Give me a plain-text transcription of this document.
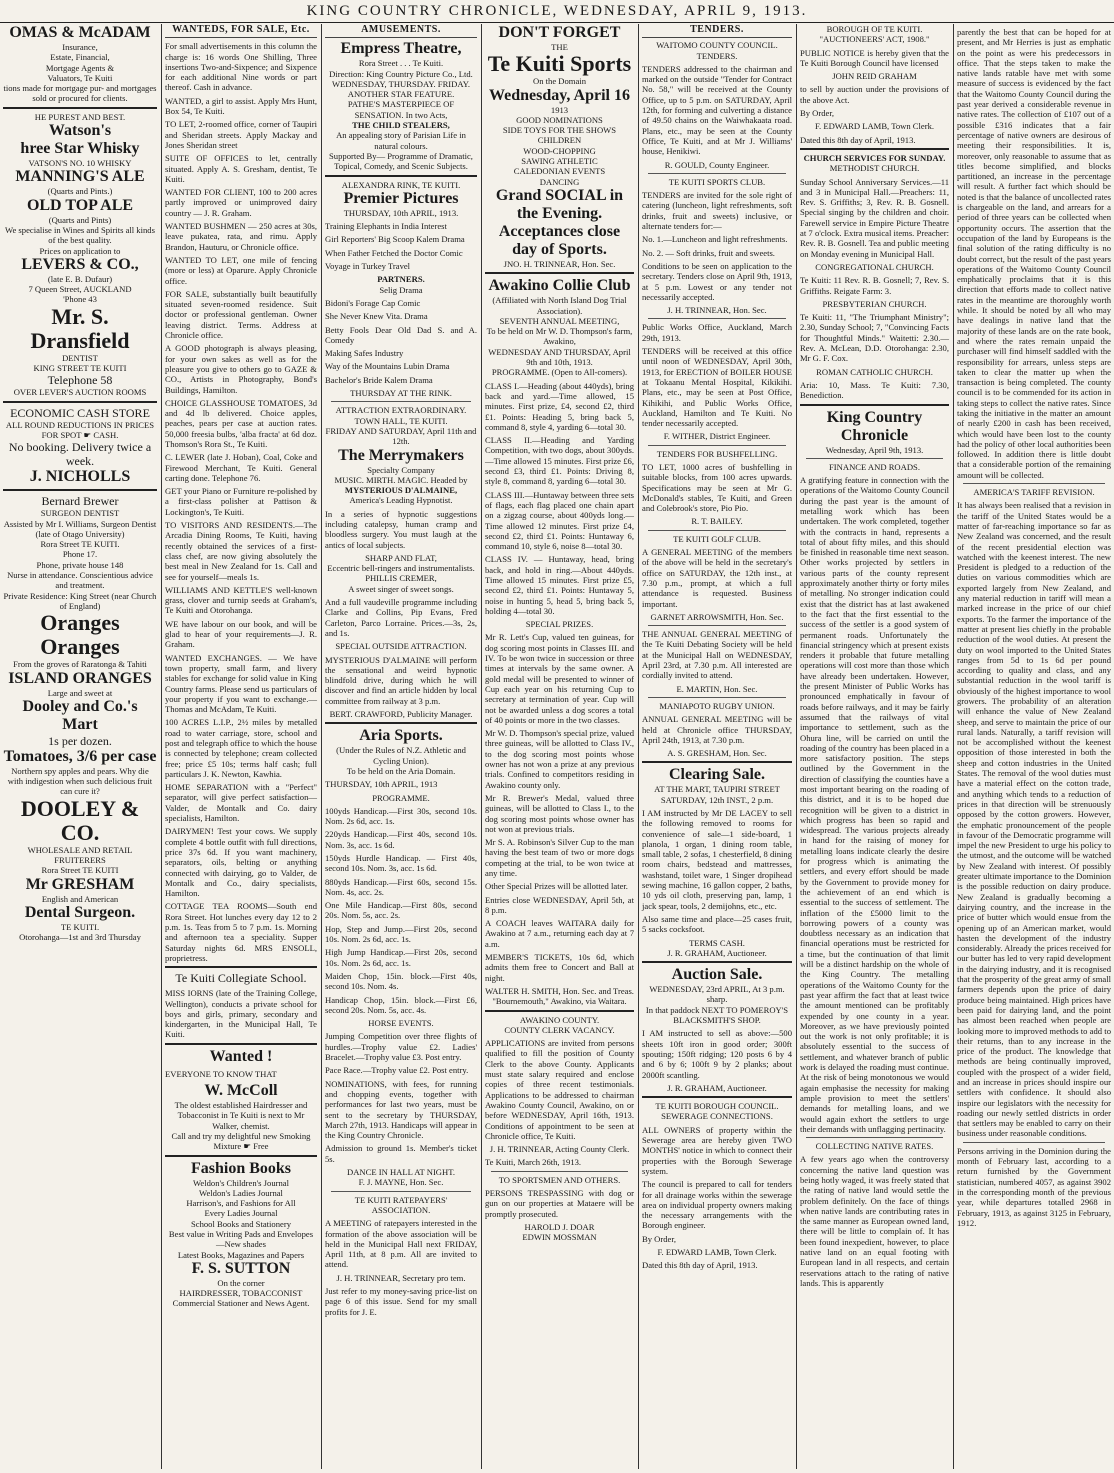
KING COUNTRY CHRONICLE, WEDNESDAY, APRIL 9, 1913.
OMAS & McADAM
Insurance,
Estate, Financial,
Mortgage Agents &
Valuators, Te Kuiti
tions made for mortgage pur- and mortgages sold or procured for clients.
HE PUREST AND BEST.
Watson's
hree Star Whisky
VATSON'S NO. 10 WHISKY
MANNING'S ALE
(Quarts and Pints.)
OLD TOP ALE
(Quarts and Pints)
We specialise in Wines and Spirits all kinds of the best quality.
Prices on application to
LEVERS & CO.,
(late E. B. Dufaur)
7 Queen Street, AUCKLAND
'Phone 43
Mr. S. Dransfield
DENTIST
KING STREET TE KUITI
Telephone 58
OVER LEVER'S AUCTION ROOMS
ECONOMIC CASH STORE
ALL ROUND REDUCTIONS IN PRICES FOR SPOT ☛ CASH.
No booking. Delivery twice a week.
J. NICHOLLS
Bernard Brewer
SURGEON DENTIST
Assisted by Mr I. Williams, Surgeon Dentist (late of Otago University)
Rora Street TE KUITI.
Phone 17.
Phone, private house 148
Nurse in attendance. Conscientious advice and treatment.
Private Residence: King Street (near Church of England)
Oranges Oranges
From the groves of Raratonga & Tahiti
ISLAND ORANGES
Large and sweet at
Dooley and Co.'s Mart
1s per dozen.
Tomatoes, 3/6 per case
Northern spy apples and pears. Why die with indigestion when such delicious fruit can cure it?
DOOLEY & CO.
WHOLESALE AND RETAIL FRUITERERS
Rora Street TE KUITI
Mr GRESHAM
English and American
Dental Surgeon.
TE KUITI.
Otorohanga—1st and 3rd Thursday
WANTEDS, FOR SALE, Etc.
For small advertisements in this column the charge is: 16 words One Shilling, Three insertions Two-and-Sixpence; and Sixpence for each additional Nine words or part thereof. Cash in advance.
WANTED, a girl to assist. Apply Mrs Hunt, Box 54, Te Kuiti.
TO LET, 2-roomed office, corner of Taupiri and Sheridan streets. Apply Mackay and Jones Sheridan street
SUITE OF OFFICES to let, centrally situated. Apply A. S. Gresham, dentist, Te Kuiti.
WANTED FOR CLIENT, 100 to 200 acres partly improved or unimproved dairy country — J. R. Graham.
WANTED BUSHMEN — 250 acres at 30s, leave pukatea, rata, and rimu. Apply Brandon, Hauturu, or Chronicle office.
WANTED TO LET, one mile of fencing (more or less) at Oparure. Apply Chronicle office.
FOR SALE, substantially built beautifully situated seven-roomed residence. Suit doctor or professional gentleman. Owner leaving district. Terms. Address at Chronicle office.
A GOOD photograph is always pleasing, for your own sakes as well as for the pleasure you give to others go to GAZE & CO., Artists in Photography, Bond's Buildings, Hamilton.
CHOICE GLASSHOUSE TOMATOES, 3d and 4d lb delivered. Choice apples, peaches, pears per case at auction rates. 50,000 freesia bulbs, 'alba fracta' at 6d doz. Thomson's Rora St., Te Kuiti.
C. LEWER (late J. Hoban), Coal, Coke and Firewood Merchant, Te Kuiti. General carting done. Telephone 76.
GET your Piano or Furniture re-polished by a first-class polisher at Pattison & Lockington's, Te Kuiti.
TO VISITORS AND RESIDENTS.—The Arcadia Dining Rooms, Te Kuiti, having recently obtained the services of a first-class chef, are now giving absolutely the best meal in New Zealand for 1s. Call and see for yourself—meals 1s.
WILLIAMS AND KETTLE'S well-known grass, clover and turnip seeds at Graham's, Te Kuiti and Otorohanga.
WE have labour on our book, and will be glad to hear of your requirements—J. R. Graham.
WANTED EXCHANGES. — We have town property, small farm, and livery stables for exchange for solid value in King Country farms. Please send us particulars of your property if you want to exchange.—Thomas and McAdam, Te Kuiti.
100 ACRES L.I.P., 2½ miles by metalled road to water carriage, store, school and post and telegraph office to which the house is connected by telephone; cream collected free; price £5 10s; terms half cash; full particulars J. K. Newton, Kawhia.
HOME SEPARATION with a "Perfect" separator, will give perfect satisfaction—Valder, de Montalk and Co. dairy specialists, Hamilton.
DAIRYMEN! Test your cows. We supply complete 4 bottle outfit with full directions, price 37s 6d. If you want machinery, separators, oils, belting or anything connected with dairying, go to Valder, de Montalk and Co., dairy specialists, Hamilton.
COTTAGE TEA ROOMS—South end Rora Street. Hot lunches every day 12 to 2 p.m. 1s. Teas from 5 to 7 p.m. 1s. Morning and afternoon tea a speciality. Supper Saturday nights 6d. MRS ENSOLL, proprietress.
Te Kuiti Collegiate School.
MISS IORNS (late of the Training College, Wellington), conducts a private school for boys and girls, primary, secondary and kindergarten, in the Municipal Hall, Te Kuiti.
Wanted !
EVERYONE TO KNOW THAT
W. McColl
The oldest established Hairdresser and Tobacconist in Te Kuiti is next to Mr Walker, chemist.
Call and try my delightful new Smoking Mixture ☛ Free
Fashion Books
Weldon's Children's Journal
Weldon's Ladies Journal
Harrison's, and Fashions for All
Every Ladies Journal
School Books and Stationery
Best value in Writing Pads and Envelopes—New shades
Latest Books, Magazines and Papers
F. S. SUTTON
On the corner
HAIRDRESSER, TOBACCONIST
Commercial Stationer and News Agent.
AMUSEMENTS.
Empress Theatre,
Rora Street . . . Te Kuiti.
Direction: King Country Picture Co., Ltd.
WEDNESDAY, THURSDAY. FRIDAY.
ANOTHER STAR FEATURE.
PATHE'S MASTERPIECE OF SENSATION. In two Acts,
THE CHILD STEALERS,
An appealing story of Parisian Life in natural colours.
Supported By— Programme of Dramatic, Topical, Comedy, and Scenic Subjects.
ALEXANDRA RINK, TE KUITI.
Premier Pictures
THURSDAY, 10th APRIL, 1913.
Training Elephants in India Interest
Girl Reporters' Big Scoop Kalem Drama
When Father Fetched the Doctor Comic
Voyage in Turkey Travel
PARTNERS.
Selig Drama
Bidoni's Forage Cap Comic
She Never Knew Vita. Drama
Betty Fools Dear Old Dad S. and A. Comedy
Making Safes Industry
Way of the Mountains Lubin Drama
Bachelor's Bride Kalem Drama
THURSDAY AT THE RINK.
ATTRACTION EXTRAORDINARY.
TOWN HALL, TE KUITI.
FRIDAY AND SATURDAY, April 11th and 12th.
The Merrymakers
Specialty Company
MUSIC. MIRTH. MAGIC. Headed by
MYSTERIOUS D'ALMAINE,
America's Leading Hypnotist.
In a series of hypnotic suggestions including catalepsy, human cramp and bloodless surgery. You must laugh at the antics of local subjects.
SHARP AND FLAT,
Eccentric bell-ringers and instrumentalists.
PHILLIS CREMER,
A sweet singer of sweet songs.
And a full vaudeville programme including Clarke and Collins, Pip Evans, Fred Carleton, Parco Lorraine. Prices.—3s, 2s, and 1s.
SPECIAL OUTSIDE ATTRACTION.
MYSTERIOUS D'ALMAINE will perform the sensational and weird hypnotic blindfold drive, during which he will discover and find an article hidden by local committee from railway at 3 p.m.
BERT. CRAWFORD, Publicity Manager.
Aria Sports.
(Under the Rules of N.Z. Athletic and Cycling Union).
To be held on the Aria Domain.
THURSDAY, 10th APRIL, 1913
PROGRAMME.
100yds Handicap.—First 30s, second 10s. Nom. 2s 6d, acc. 1s.
220yds Handicap.—First 40s, second 10s. Nom. 3s, acc. 1s 6d.
150yds Hurdle Handicap. — First 40s, second 10s. Nom. 3s, acc. 1s 6d.
880yds Handicap.—First 60s, second 15s. Nom. 4s, acc. 2s.
One Mile Handicap.—First 80s, second 20s. Nom. 5s, acc. 2s.
Hop, Step and Jump.—First 20s, second 10s. Nom. 2s 6d, acc. 1s.
High Jump Handicap.—First 20s, second 10s. Nom. 2s 6d, acc. 1s.
Maiden Chop, 15in. block.—First 40s, second 10s. Nom. 4s.
Handicap Chop, 15in. block.—First £6, second 20s. Nom. 5s, acc. 4s.
HORSE EVENTS.
Jumping Competition over three flights of hurdles.—Trophy value £2. Ladies' Bracelet.—Trophy value £3. Post entry.
Pace Race.—Trophy value £2. Post entry.
NOMINATIONS, with fees, for running and chopping events, together with performances for last two years, must be sent to the secretary by THURSDAY, March 27th, 1913. Handicaps will appear in the King Country Chronicle.
Admission to ground 1s. Member's ticket 5s.
DANCE IN HALL AT NIGHT.
F. J. MAYNE, Hon. Sec.
TE KUITI RATEPAYERS' ASSOCIATION.
A MEETING of ratepayers interested in the formation of the above association will be held in the Municipal Hall next FRIDAY, April 11th, at 8 p.m. All are invited to attend.
J. H. TRINNEAR, Secretary pro tem.
Just refer to my money-saving price-list on page 6 of this issue. Send for my small profits for J. E.
DON'T FORGET
THE
Te Kuiti Sports
On the Domain
Wednesday, April 16
1913
GOOD NOMINATIONS
SIDE TOYS FOR THE SHOWS CHILDREN
WOOD-CHOPPING
SAWING ATHLETIC
CALEDONIAN EVENTS
DANCING
Grand SOCIAL in the Evening.
Acceptances close day of Sports.
JNO. H. TRINNEAR, Hon. Sec.
Awakino Collie Club
(Affiliated with North Island Dog Trial Association).
SEVENTH ANNUAL MEETING,
To be held on Mr W. D. Thompson's farm, Awakino,
WEDNESDAY AND THURSDAY, April 9th and 10th, 1913.
PROGRAMME. (Open to All-comers).
CLASS I.—Heading (about 440yds), bring back and yard.—Time allowed, 15 minutes. First prize, £4, second £2, third £1. Points: Heading 5, bring back 5, command 8, style 4, yarding 6—total 30.
CLASS II.—Heading and Yarding Competition, with two dogs, about 300yds.—Time allowed 15 minutes. First prize £6, second £3, third £1. Points: Driving 8, style 8, command 8, yarding 6—total 30.
CLASS III.—Huntaway between three sets of flags, each flag placed one chain apart on a zigzag course, about 400yds long.—Time allowed 12 minutes. First prize £4, second £2, third £1. Points: Huntaway 6, command 10, style 6, noise 8—total 30.
CLASS IV. — Huntaway, head, bring back, and hold in ring.—About 440yds. Time allowed 15 minutes. First prize £5, second £2, third £1. Points: Huntaway 5, noise in hunting 5, head 5, bring back 5, holding 4—total 30.
SPECIAL PRIZES.
Mr R. Lett's Cup, valued ten guineas, for dog scoring most points in Classes III. and IV. To be won twice in succession or three times at intervals by the same owner. A gold medal will be presented to winner of Cup each year on his returning Cup to secretary at termination of year. Cup will not be awarded unless a dog scores a total of 40 points or more in the two classes.
Mr W. D. Thompson's special prize, valued three guineas, will be allotted to Class IV., to the dog scoring most points whose owner has not won a prize at any previous trials. Confined to competitors residing in Awakino county only.
Mr R. Brewer's Medal, valued three guineas, will be allotted to Class I., to the dog scoring most points whose owner has not won at previous trials.
Mr S. A. Robinson's Silver Cup to the man having the best team of two or more dogs competing at the trial, to be won twice at any time.
Other Special Prizes will be allotted later.
Entries close WEDNESDAY, April 5th, at 8 p.m.
A COACH leaves WAITARA daily for Awakino at 7 a.m., returning each day at 7 a.m.
MEMBER'S TICKETS, 10s 6d, which admits them free to Concert and Ball at night.
WALTER H. SMITH, Hon. Sec. and Treas. "Bournemouth," Awakino, via Waitara.
AWAKINO COUNTY.
COUNTY CLERK VACANCY.
APPLICATIONS are invited from persons qualified to fill the position of County Clerk to the above County. Applicants must state salary required and enclose copies of three recent testimonials. Applications to be addressed to chairman Awakino County Council, Awakino, on or before WEDNESDAY, April 16th, 1913. Conditions of appointment to be seen at Chronicle office, Te Kuiti.
J. H. TRINNEAR, Acting County Clerk.
Te Kuiti, March 26th, 1913.
TO SPORTSMEN AND OTHERS.
PERSONS TRESPASSING with dog or gun on our properties at Mataere will be promptly prosecuted.
HAROLD J. DOAR
EDWIN MOSSMAN
TENDERS.
WAITOMO COUNTY COUNCIL.
TENDERS.
TENDERS addressed to the chairman and marked on the outside "Tender for Contract No. 58," will be received at the County Office, up to 5 p.m. on SATURDAY, April 12th, for forming and culverting a distance of 49.50 chains on the Waiwhakaata road. Plans, etc., may be seen at the County Office, Te Kuiti, and at Mr J. Williams' house, Henikiwi.
R. GOULD, County Engineer.
TE KUITI SPORTS CLUB.
TENDERS are invited for the sole right of catering (luncheon, light refreshments, soft drinks, fruit and sweets) inclusive, or alternate tenders for:—
No. 1.—Luncheon and light refreshments.
No. 2. — Soft drinks, fruit and sweets.
Conditions to be seen on application to the secretary. Tenders close on April 9th, 1913, at 5 p.m. Lowest or any tender not necessarily accepted.
J. H. TRINNEAR, Hon. Sec.
Public Works Office, Auckland, March 29th, 1913.
TENDERS will be received at this office until noon of WEDNESDAY, April 30th, 1913, for ERECTION of BOILER HOUSE at Tokaanu Mental Hospital, Kikikihi. Plans, etc., may be seen at Post Office, Kihikihi, and Public Works Office, Auckland, Hamilton and Te Kuiti. No tender necessarily accepted.
F. WITHER, District Engineer.
TENDERS FOR BUSHFELLING.
TO LET, 1000 acres of bushfelling in suitable blocks, from 100 acres upwards. Specifications may be seen at Mr G. McDonald's stables, Te Kuiti, and Green and Colebrook's store, Pio Pio.
R. T. BAILEY.
TE KUITI GOLF CLUB.
A GENERAL MEETING of the members of the above will be held in the secretary's office on SATURDAY, the 12th inst., at 7.30 p.m., prompt, at which a full attendance is requested. Business important.
GARNET ARROWSMITH, Hon. Sec.
THE ANNUAL GENERAL MEETING of the Te Kuiti Debating Society will be held at the Municipal Hall on WEDNESDAY, April 23rd, at 7.30 p.m. All interested are cordially invited to attend.
E. MARTIN, Hon. Sec.
MANIAPOTO RUGBY UNION.
ANNUAL GENERAL MEETING will be held at Chronicle office THURSDAY, April 24th, 1913, at 7.30 p.m.
A. S. GRESHAM, Hon. Sec.
Clearing Sale.
AT THE MART, TAUPIRI STREET
SATURDAY, 12th INST., 2 p.m.
I AM instructed by Mr DE LACEY to sell the following removed to rooms for convenience of sale—1 side-board, 1 planola, 1 organ, 1 dining room table, small table, 2 sofas, 1 chesterfield, 8 dining room chairs, bedstead and mattresses, washstand, toilet ware, 1 Singer dropihead sewing machine, 16 gallon copper, 2 baths, 10 yds oil cloth, preserving pan, lamp, 1 jack spear, tools, 2 demijohns, etc., etc.
Also same time and place—25 cases fruit, 5 sacks cocksfoot.
TERMS CASH.
J. R. GRAHAM, Auctioneer.
Auction Sale.
WEDNESDAY, 23rd APRIL, At 3 p.m. sharp.
In that paddock NEXT TO POMEROY'S BLACKSMITH'S SHOP.
I AM instructed to sell as above:—500 sheets 10ft iron in good order; 300ft spouting; 150ft ridging; 120 posts 6 by 4 and 6 by 6; 100ft 9 by 2 planks; about 2000ft scantling.
J. R. GRAHAM, Auctioneer.
TE KUITI BOROUGH COUNCIL.
SEWERAGE CONNECTIONS.
ALL OWNERS of property within the Sewerage area are hereby given TWO MONTHS' notice in which to connect their properties with the Borough Sewerage system.
The council is prepared to call for tenders for all drainage works within the sewerage area on individual property owners making the necessary arrangements with the Borough engineer.
By Order,
F. EDWARD LAMB, Town Clerk.
Dated this 8th day of April, 1913.
BOROUGH OF TE KUITI.
"AUCTIONEERS' ACT, 1908."
PUBLIC NOTICE is hereby given that the Te Kuiti Borough Council have licensed
JOHN REID GRAHAM
to sell by auction under the provisions of the above Act.
By Order,
F. EDWARD LAMB, Town Clerk.
Dated this 8th day of April, 1913.
CHURCH SERVICES FOR SUNDAY.
METHODIST CHURCH.
Sunday School Anniversary Services.—11 and 3 in Municipal Hall.—Preachers: 11, Rev. S. Griffiths; 3, Rev. R. B. Gosnell. Special singing by the children and choir. Farewell service in Empire Picture Theatre at 7 o'clock. Extra musical items. Preacher: Rev. R. B. Gosnell. Tea and public meeting on Monday evening in Municipal Hall.
CONGREGATIONAL CHURCH.
Te Kuiti: 11 Rev. R. B. Gosnell; 7, Rev. S. Griffiths. Reigate Farm: 3.
PRESBYTERIAN CHURCH.
Te Kuiti: 11, "The Triumphant Ministry"; 2.30, Sunday School; 7, "Convincing Facts for Thoughtful Minds." Waitetti: 2.30.—Rev. A. McLean, D.D. Otorohanga: 2.30, Mr G. F. Cox.
ROMAN CATHOLIC CHURCH.
Aria: 10, Mass. Te Kuiti: 7.30, Benediction.
King Country Chronicle
Wednesday, April 9th, 1913.
FINANCE AND ROADS.
A gratifying feature in connection with the operations of the Waitomo County Council during the past year is the amount of metalling work which has been undertaken. The work completed, together with the contracts in hand, represents a total of about fifty miles, and this should be finished in reasonable time next season. Other works projected by settlers in various parts of the county represent approximately another thirty or forty miles of metalling. No stronger indication could exist that the district has at last awakened to the fact that the first essential to the success of the settler is a good system of permanent roads. Unfortunately the financial stringency which at present exists renders it probable that future metalling operations will cost more than those which have already been undertaken. However, the present Minister of Public Works has pronounced emphatically in favour of roads before railways, and it may be fairly assumed that the railways of vital importance to settlement, such as the Ohura line, will be carried on until the roading of the country has been placed in a more satisfactory position. The steps outlined by the Government in the direction of classifying the counties have a most important bearing on the roading of this district, and it is to be hoped due recognition will be given to a district in which progress has been so rapid and widespread. The various projects already in hand for the raising of money for metalling loans indicate clearly the desire for progress which is animating the settlers, and every effort should be made by the Government to provide money for the achievement of an end which is essential to the success of settlement. The inflation of the £5000 limit to the borrowing powers of a county was doubtless necessary as an indication that financial operations must be restricted for a time, but the continuation of that limit will be a distinct hardship on the whole of the King Country. The metalling operations of the Waitomo County for the past year affirm the fact that at least twice the amount mentioned can be profitably expended by one county in a year. Moreover, as we have previously pointed out the work is not only profitable; it is absolutely essential to the success of settlement, and whatever branch of public work is delayed the roading must continue. At the risk of being monotonous we would again emphasise the necessity for making ample provision to meet the settlers' demands for metalling loans, and we would again exhort the settlers to urge their demands with unflagging pertinacity.
COLLECTING NATIVE RATES.
A few years ago when the controversy concerning the native land question was being hotly waged, it was freely stated that the rating of native land would settle the problem definitely. On the face of things when native lands are contributing rates in the same manner as European owned land, there will be little to complain of. It has been found inexpedient, however, to place native land on an equal footing with European land in all respects, and certain reservations attach to the rating of native lands. This is apparently
parently the best that can be hoped for at present, and Mr Herries is just as emphatic on the point as were his predecessors in office. That the steps taken to make the native lands ratable have met with some measure of success is evidenced by the fact that the Waitomo County Council during the past year derived a considerable revenue in native rates. The collection of £107 out of a possible £316 indicates that a fair percentage of native owners are desirous of meeting their responsibilities. It is, moreover, only reasonable to assume that as titles become simplified, and blocks partitioned, an increase in the percentage will result. A further fact which should be noted is that the balance of uncollected rates is chargeable on the land, and arrears for a period of three years can be collected when opportunity occurs. The assertion that the occupation of the land by Europeans is the final solution of the rating difficulty is no doubt correct, but the result of the past years operations of the Waitomo County Council emphatically proclaims that it is this direction that efforts made to collect native rates in the meantime are thoroughly worth while. It should be noted by all who may have dealings in native land that the majority of these lands are on the rate book, and where the rates remain unpaid the purchaser will find himself saddled with the responsibility for arrears, unless steps are taken to clear the matter up when the transaction is being completed. The county council is to be commended for its action in taking steps to collect the native rates. Since taking the initiative in the matter an amount of nearly £200 in cash has been received, which would have been lost to the county had the policy of other local authorities been followed. In addition there is little doubt that a considerable portion of the remaining amount will be collected.
AMERICA'S TARIFF REVISION.
It has always been realised that a revision in the tariff of the United States would be a matter of far-reaching importance so far as New Zealand was concerned, and the result of the recent presidential election was watched with the keenest interest. The new President is pledged to a reduction of the duties on various commodities which are exported largely from New Zealand, and any material reduction in tariff will mean a marked increase in the price of our chief exports. To the farmer the importance of the matter at present lies chiefly in the probable reduction of the wool duties. At present the duty on wool imported to the United States ranges from 5d to 1s 6d per pound according to quality and class, and any substantial reduction in the wool tariff is obviously of the highest importance to wool growers. The probability of an alteration will enhance the value of New Zealand sheep, and serve to maintain the price of our rural lands. Naturally, a tariff revision will not be accomplished without the keenest opposition of those interested in both the sheep and cotton industries in the United States. The removal of the wool duties must have a material effect on the cotton trade, and anything which tends to a reduction of prices in that direction will be strenuously opposed by the cotton growers. However, the emphatic pronouncement of the people in favour of the Democratic programme will impel the new President to urge his policy to the utmost, and the outcome will be watched by New Zealand with interest. Of possibly greater ultimate importance to the Dominion is the possible reduction on dairy produce. New Zealand is gradually becoming a dairying country, and the increase in the price of butter which would ensue from the opening up of an American market, would hasten the development of the industry considerably. Already the prices received for our butter has led to very rapid development in the dairying industry, and it is recognised that the prosperity of the great army of small farmers depends upon the price of dairy produce being maintained. High prices have been paid for dairying land, and the point has almost been reached when people are looking more to improved methods to add to their returns, than to any increase in the price of the product. The knowledge that methods are being continually improved, coupled with the prospect of a wider field, and an increase in prices should inspire our settlers with confidence. It should also inspire our legislators with the necessity for roading our newly settled districts in order that settlers may be enabled to carry on their business under reasonable conditions.
Persons arriving in the Dominion during the month of February last, according to a return furnished by the Government statistician, numbered 4057, as against 3902 in the corresponding month of the previous year, while departures totalled 2968 in February, 1913, as against 3125 in February, 1912.
